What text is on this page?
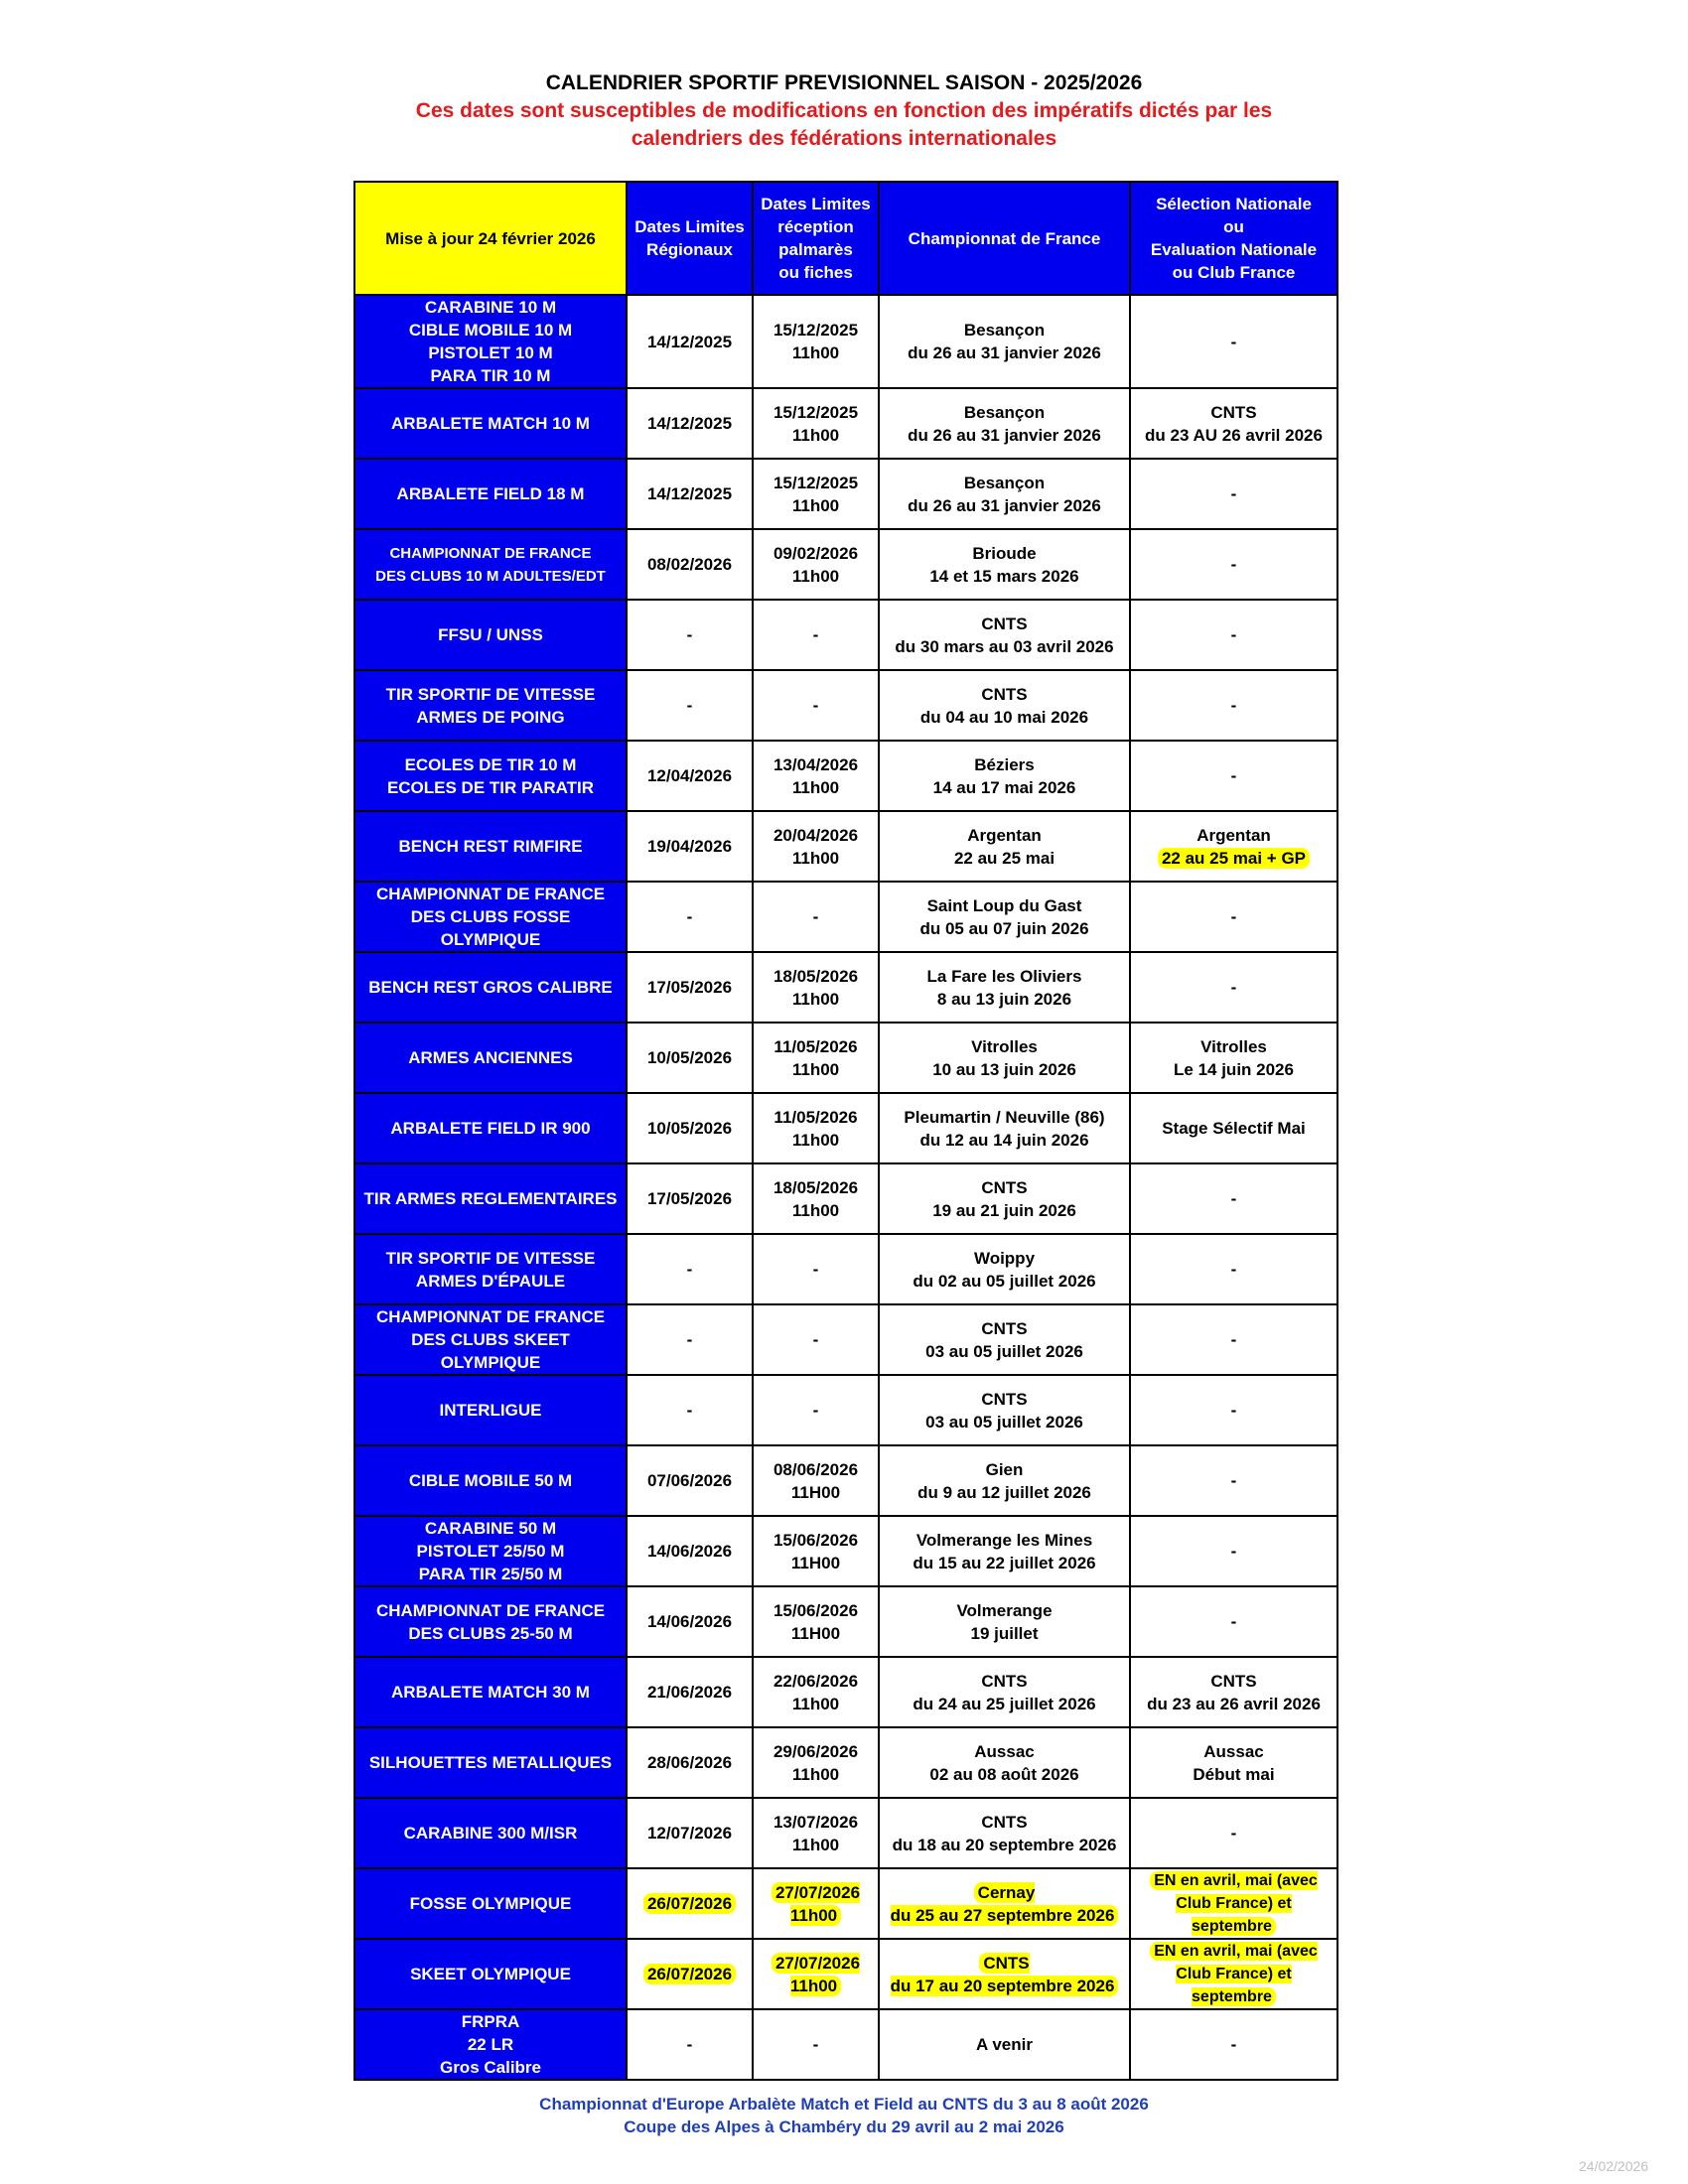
CALENDRIER SPORTIF PREVISIONNEL SAISON - 2025/2026
Ces dates sont susceptibles de modifications en fonction des impératifs dictés par les
calendriers des fédérations internationales
Mise à jour 24 février 2026	Dates Limites
Régionaux	Dates Limites
réception
palmarès
ou fiches	Championnat de France	Sélection Nationale
ou
Evaluation Nationale
ou Club France
CARABINE 10 M
CIBLE MOBILE 10 M
PISTOLET 10 M
PARA TIR 10 M	14/12/2025	15/12/2025
11h00	Besançon
du 26 au 31 janvier 2026	-
ARBALETE MATCH 10 M	14/12/2025	15/12/2025
11h00	Besançon
du 26 au 31 janvier 2026	CNTS
du 23 AU 26 avril 2026
ARBALETE FIELD 18 M	14/12/2025	15/12/2025
11h00	Besançon
du 26 au 31 janvier 2026	-
CHAMPIONNAT DE FRANCE
DES CLUBS 10 M ADULTES/EDT	08/02/2026	09/02/2026
11h00	Brioude
14 et 15 mars 2026	-
FFSU / UNSS	-	-	CNTS
du 30 mars au 03 avril 2026	-
TIR SPORTIF DE VITESSE
ARMES DE POING	-	-	CNTS
du 04 au 10 mai 2026	-
ECOLES DE TIR 10 M
ECOLES DE TIR PARATIR	12/04/2026	13/04/2026
11h00	Béziers
14 au 17 mai 2026	-
BENCH REST RIMFIRE	19/04/2026	20/04/2026
11h00	Argentan
22 au 25 mai	Argentan
22 au 25 mai + GP
CHAMPIONNAT DE FRANCE
DES CLUBS FOSSE
OLYMPIQUE	-	-	Saint Loup du Gast
du 05 au 07 juin 2026	-
BENCH REST GROS CALIBRE	17/05/2026	18/05/2026
11h00	La Fare les Oliviers
8 au 13 juin 2026	-
ARMES ANCIENNES	10/05/2026	11/05/2026
11h00	Vitrolles
10 au 13 juin 2026	Vitrolles
Le 14 juin 2026
ARBALETE FIELD IR 900	10/05/2026	11/05/2026
11h00	Pleumartin / Neuville (86)
du 12 au 14 juin 2026	Stage Sélectif Mai
TIR ARMES REGLEMENTAIRES	17/05/2026	18/05/2026
11h00	CNTS
19 au 21 juin 2026	-
TIR SPORTIF DE VITESSE
ARMES D'ÉPAULE	-	-	Woippy
du 02 au 05 juillet 2026	-
CHAMPIONNAT DE FRANCE
DES CLUBS SKEET
OLYMPIQUE	-	-	CNTS
03 au 05 juillet 2026	-
INTERLIGUE	-	-	CNTS
03 au 05 juillet 2026	-
CIBLE MOBILE 50 M	07/06/2026	08/06/2026
11H00	Gien
du 9 au 12 juillet 2026	-
CARABINE 50 M
PISTOLET 25/50 M
PARA TIR 25/50 M	14/06/2026	15/06/2026
11H00	Volmerange les Mines
du 15 au 22 juillet 2026	-
CHAMPIONNAT DE FRANCE
DES CLUBS 25-50 M	14/06/2026	15/06/2026
11H00	Volmerange
19 juillet	-
ARBALETE MATCH 30 M	21/06/2026	22/06/2026
11h00	CNTS
du 24 au 25 juillet 2026	CNTS
du 23 au 26 avril 2026
SILHOUETTES METALLIQUES	28/06/2026	29/06/2026
11h00	Aussac
02 au 08 août 2026	Aussac
Début mai
CARABINE 300 M/ISR	12/07/2026	13/07/2026
11h00	CNTS
du 18 au 20 septembre 2026	-
FOSSE OLYMPIQUE	26/07/2026	27/07/2026
11h00	Cernay
du 25 au 27 septembre 2026	EN en avril, mai (avec
Club France) et
septembre
SKEET OLYMPIQUE	26/07/2026	27/07/2026
11h00	CNTS
du 17 au 20 septembre 2026	EN en avril, mai (avec
Club France) et
septembre
FRPRA
22 LR
Gros Calibre	-	-	A venir	-
Championnat d'Europe Arbalète Match et Field au CNTS du 3 au 8 août 2026
Coupe des Alpes à Chambéry du 29 avril au 2 mai 2026
24/02/2026
